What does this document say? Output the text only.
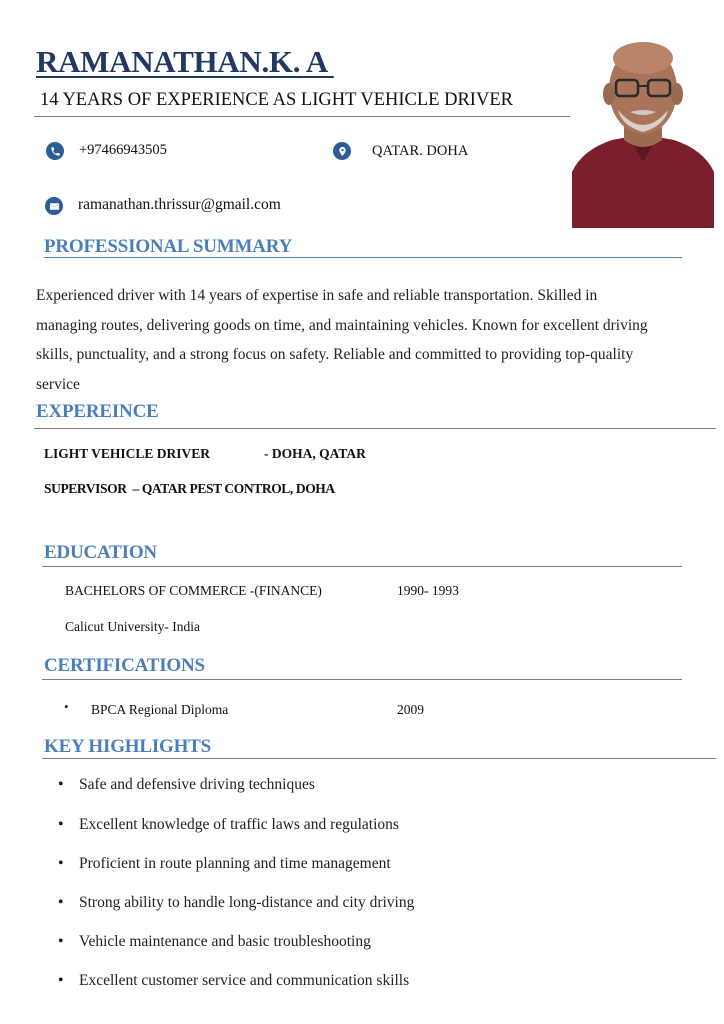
RAMANATHAN.K. A
14 YEARS OF EXPERIENCE AS LIGHT VEHICLE DRIVER
+97466943505	QATAR. DOHA
ramanathan.thrissur@gmail.com
PROFESSIONAL SUMMARY

Experienced driver with 14 years of expertise in safe and reliable transportation. Skilled in
managing routes, delivering goods on time, and maintaining vehicles. Known for excellent driving
skills, punctuality, and a strong focus on safety. Reliable and committed to providing top-quality
service

EXPEREINCE
LIGHT VEHICLE DRIVER	- DOHA, QATAR
SUPERVISOR  – QATAR PEST CONTROL, DOHA
EDUCATION
BACHELORS OF COMMERCE -(FINANCE)	1990- 1993
Calicut University- India
CERTIFICATIONS
• BPCA Regional Diploma	2009
KEY HIGHLIGHTS
• Safe and defensive driving techniques
• Excellent knowledge of traffic laws and regulations
• Proficient in route planning and time management
• Strong ability to handle long-distance and city driving
• Vehicle maintenance and basic troubleshooting
• Excellent customer service and communication skills
